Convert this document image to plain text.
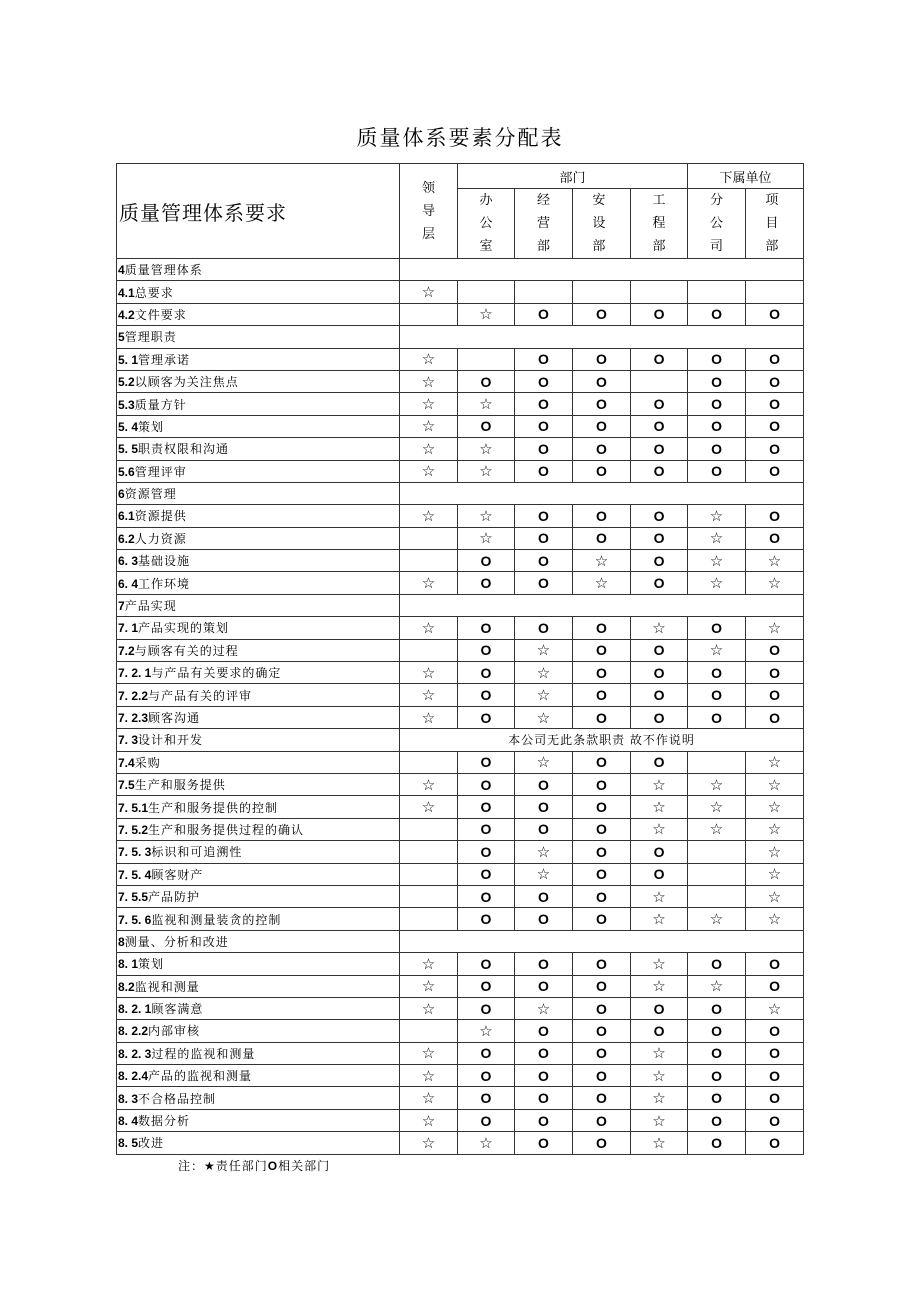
质量体系要素分配表
质量管理体系要求	领导层	部门				下属单位	
		办公室	经营部	安设部	工程部	分公司	项目部
4质量管理体系							
4.1总要求	☆						
4.2文件要求		☆	O	O	O	O	O
5管理职责							
5. 1管理承诺	☆		O	O	O	O	O
5.2以顾客为关注焦点	☆	O	O	O		O	O
5.3质量方针	☆	☆	O	O	O	O	O
5. 4策划	☆	O	O	O	O	O	O
5. 5职责权限和沟通	☆	☆	O	O	O	O	O
5.6管理评审	☆	☆	O	O	O	O	O
6资源管理							
6.1资源提供	☆	☆	O	O	O	☆	O
6.2人力资源		☆	O	O	O	☆	O
6. 3基础设施		O	O	☆	O	☆	☆
6. 4工作环境	☆	O	O	☆	O	☆	☆
7产品实现							
7. 1产品实现的策划	☆	O	O	O	☆	O	☆
7.2与顾客有关的过程		O	☆	O	O	☆	O
7. 2. 1与产品有关要求的确定	☆	O	☆	O	O	O	O
7. 2.2与产品有关的评审	☆	O	☆	O	O	O	O
7. 2.3顾客沟通	☆	O	☆	O	O	O	O
7. 3设计和开发	本公司无此条款职责 故不作说明						
7.4采购		O	☆	O	O		☆
7.5生产和服务提供	☆	O	O	O	☆	☆	☆
7. 5.1生产和服务提供的控制	☆	O	O	O	☆	☆	☆
7. 5.2生产和服务提供过程的确认		O	O	O	☆	☆	☆
7. 5. 3标识和可追溯性		O	☆	O	O		☆
7. 5. 4顾客财产		O	☆	O	O		☆
7. 5.5产品防护		O	O	O	☆		☆
7. 5. 6监视和测量装贪的控制		O	O	O	☆	☆	☆
8测量、分析和改进							
8. 1策划	☆	O	O	O	☆	O	O
8.2监视和测量	☆	O	O	O	☆	☆	O
8. 2. 1顾客满意	☆	O	☆	O	O	O	☆
8. 2.2内部审核		☆	O	O	O	O	O
8. 2. 3过程的监视和测量	☆	O	O	O	☆	O	O
8. 2.4产品的监视和测量	☆	O	O	O	☆	O	O
8. 3不合格品控制	☆	O	O	O	☆	O	O
8. 4数据分析	☆	O	O	O	☆	O	O
8. 5改进	☆	☆	O	O	☆	O	O
注：★责任部门O相关部门
